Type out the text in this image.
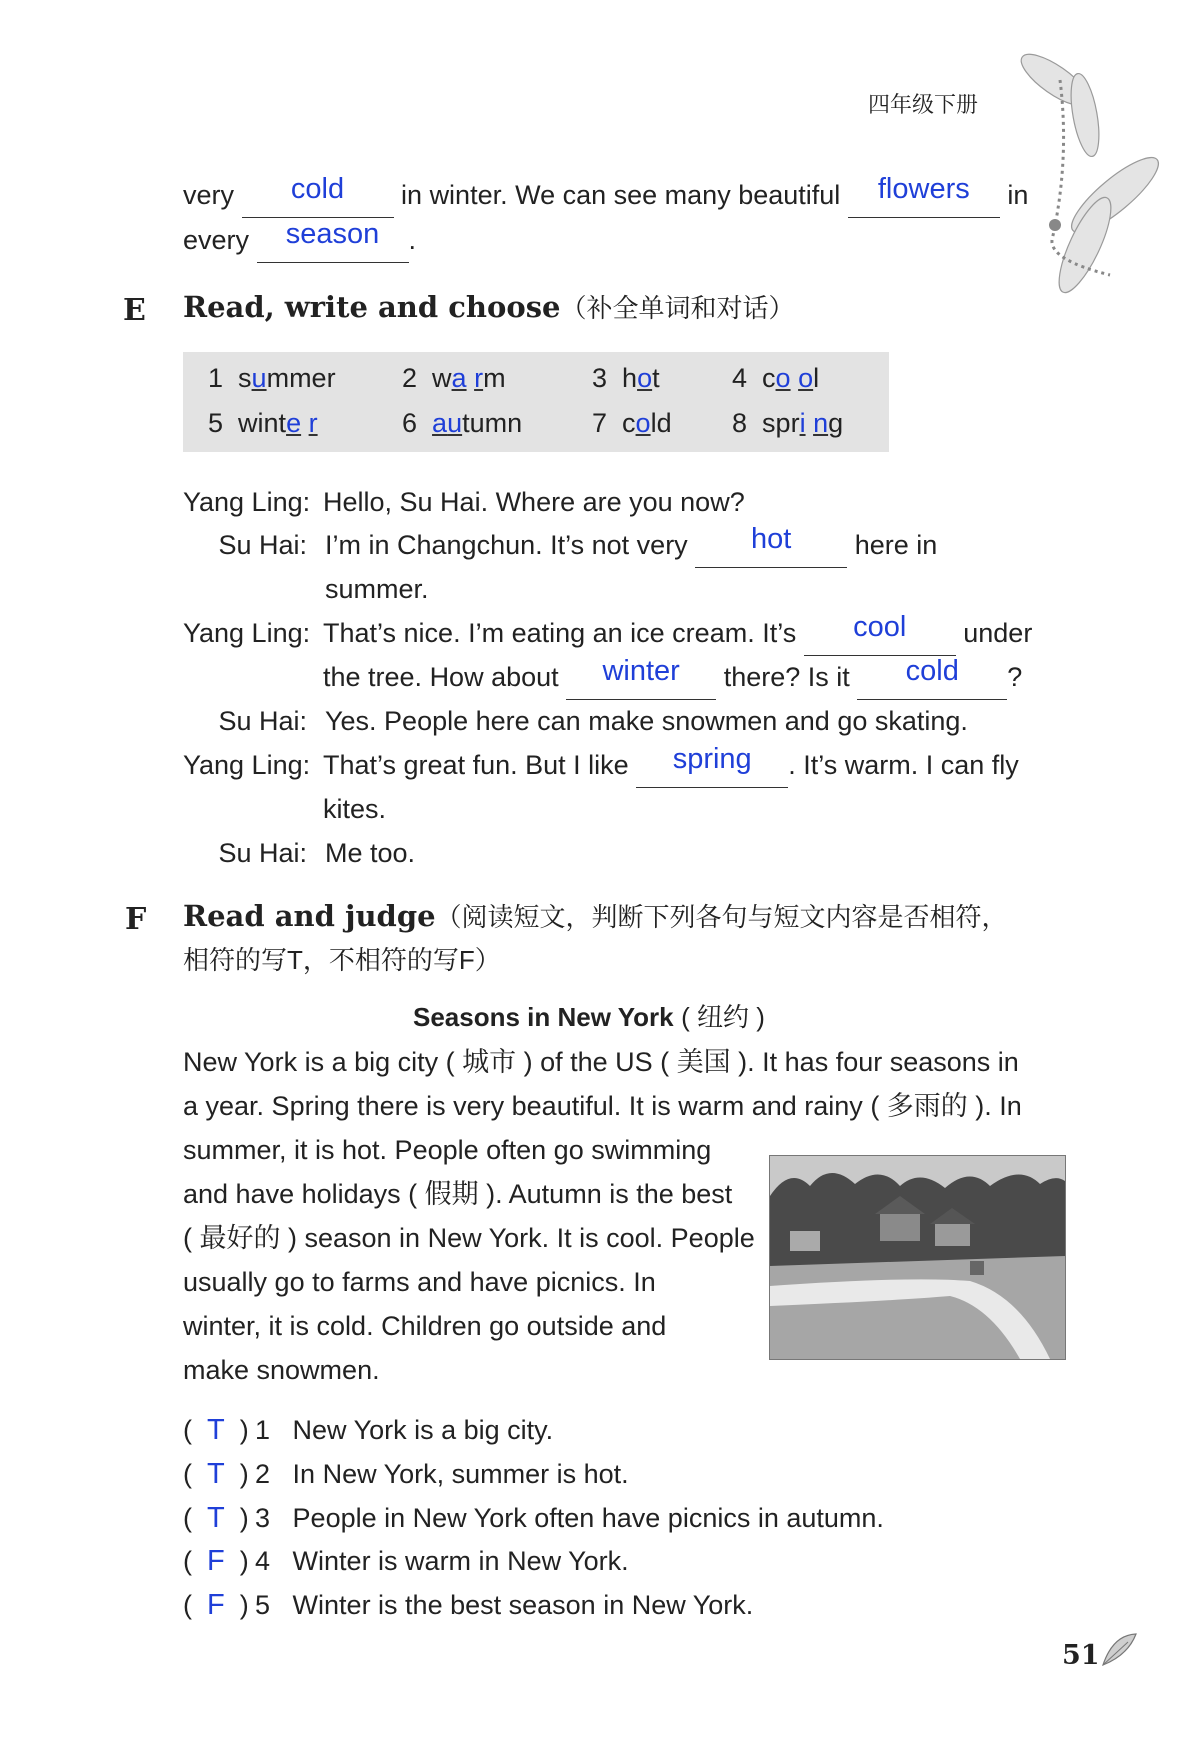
四年级下册
very cold in winter. We can see many beautiful flowers in
every season .
E Read, write and choose（补全单词和对话）
1 summer 2 wa rm	3 hot	4 co ol
5 winte r	6 autumn	7 cold 8 spri ng
Yang Ling: Hello, Su Hai. Where are you now?
Su Hai: I’m in Changchun. It’s not very hot here in
summer.
Yang Ling: That’s nice. I’m eating an ice cream. It’s cool under
the tree. How about winter there? Is it cold ?
Su Hai: Yes. People here can make snowmen and go skating.
Yang Ling: That’s great fun. But I like spring . It’s warm. I can fly
kites.
Su Hai: Me too.
F Read and judge（阅读短文，判断下列各句与短文内容是否相符，
相符的写T，不相符的写F）
Seasons in New York ( 纽约 )
New York is a big city ( 城市 ) of the US ( 美国 ). It has four seasons in
a year. Spring there is very beautiful. It is warm and rainy ( 多雨的 ). In
summer, it is hot. People often go swimming
and have holidays ( 假期 ). Autumn is the best
( 最好的 ) season in New York. It is cool. People
usually go to farms and have picnics. In
winter, it is cold. Children go outside and
make snowmen.
(  T  ) 1 New York is a big city.
(  T  ) 2 In New York, summer is hot.
(  T  ) 3 People in New York often have picnics in autumn.
(  F  ) 4 Winter is warm in New York.
(  F  ) 5 Winter is the best season in New York.
51
